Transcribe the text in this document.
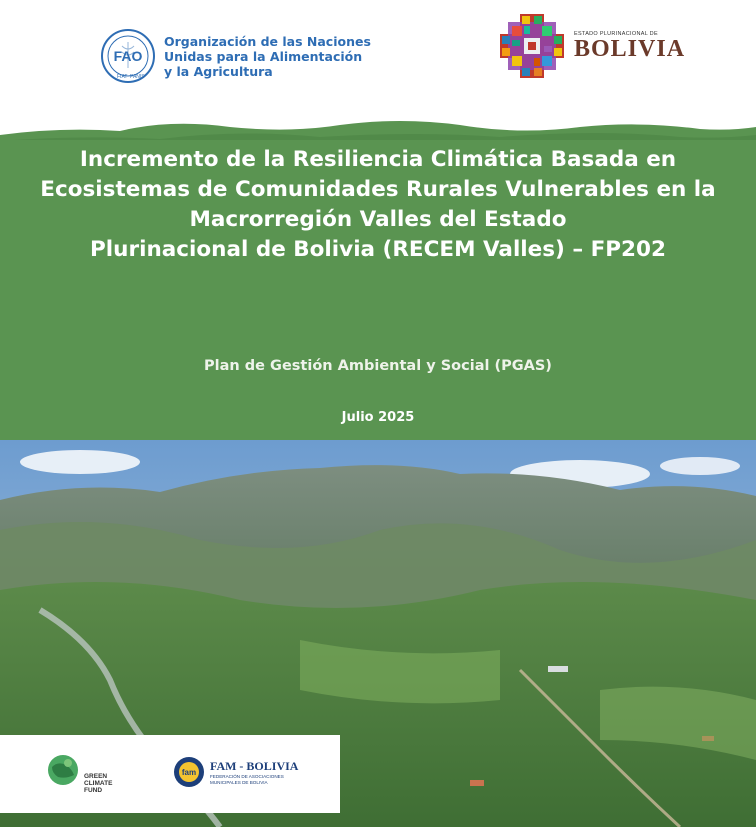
FAO
FIAT PANIS
Organización de las Naciones
Unidas para la Alimentación
y la Agricultura
ESTADO PLURINACIONAL DE
BOLIVIA
Incremento de la Resiliencia Climática Basada en
Ecosistemas de Comunidades Rurales Vulnerables en la
Macrorregión Valles del Estado
Plurinacional de Bolivia (RECEM Valles) – FP202
Plan de Gestión Ambiental y Social (PGAS)
Julio 2025
GREEN
CLIMATE
FUND
fam FAM - BOLIVIA
FEDERACIÓN DE ASOCIACIONES
MUNICIPALES DE BOLIVIA
